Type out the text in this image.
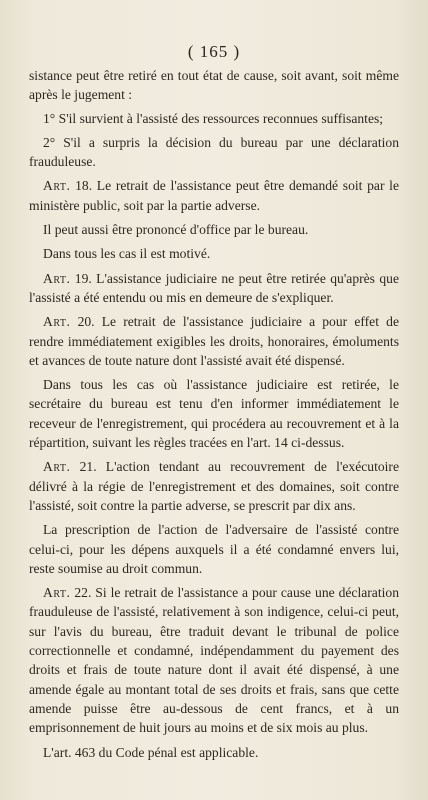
( 165 )

sistance peut être retiré en tout état de cause, soit avant, soit même après le jugement :

1° S'il survient à l'assisté des ressources reconnues suffisantes;

2° S'il a surpris la décision du bureau par une déclaration frauduleuse.

Art. 18. Le retrait de l'assistance peut être demandé soit par le ministère public, soit par la partie adverse.

Il peut aussi être prononcé d'office par le bureau.

Dans tous les cas il est motivé.

Art. 19. L'assistance judiciaire ne peut être retirée qu'après que l'assisté a été entendu ou mis en demeure de s'expliquer.

Art. 20. Le retrait de l'assistance judiciaire a pour effet de rendre immédiatement exigibles les droits, honoraires, émoluments et avances de toute nature dont l'assisté avait été dispensé.

Dans tous les cas où l'assistance judiciaire est retirée, le secrétaire du bureau est tenu d'en informer immédiatement le receveur de l'enregistrement, qui procédera au recouvrement et à la répartition, suivant les règles tracées en l'art. 14 ci-dessus.

Art. 21. L'action tendant au recouvrement de l'exécutoire délivré à la régie de l'enregistrement et des domaines, soit contre l'assisté, soit contre la partie adverse, se prescrit par dix ans.

La prescription de l'action de l'adversaire de l'assisté contre celui-ci, pour les dépens auxquels il a été condamné envers lui, reste soumise au droit commun.

Art. 22. Si le retrait de l'assistance a pour cause une déclaration frauduleuse de l'assisté, relativement à son indigence, celui-ci peut, sur l'avis du bureau, être traduit devant le tribunal de police correctionnelle et condamné, indépendamment du payement des droits et frais de toute nature dont il avait été dispensé, à une amende égale au montant total de ses droits et frais, sans que cette amende puisse être au-dessous de cent francs, et à un emprisonnement de huit jours au moins et de six mois au plus.

L'art. 463 du Code pénal est applicable.
